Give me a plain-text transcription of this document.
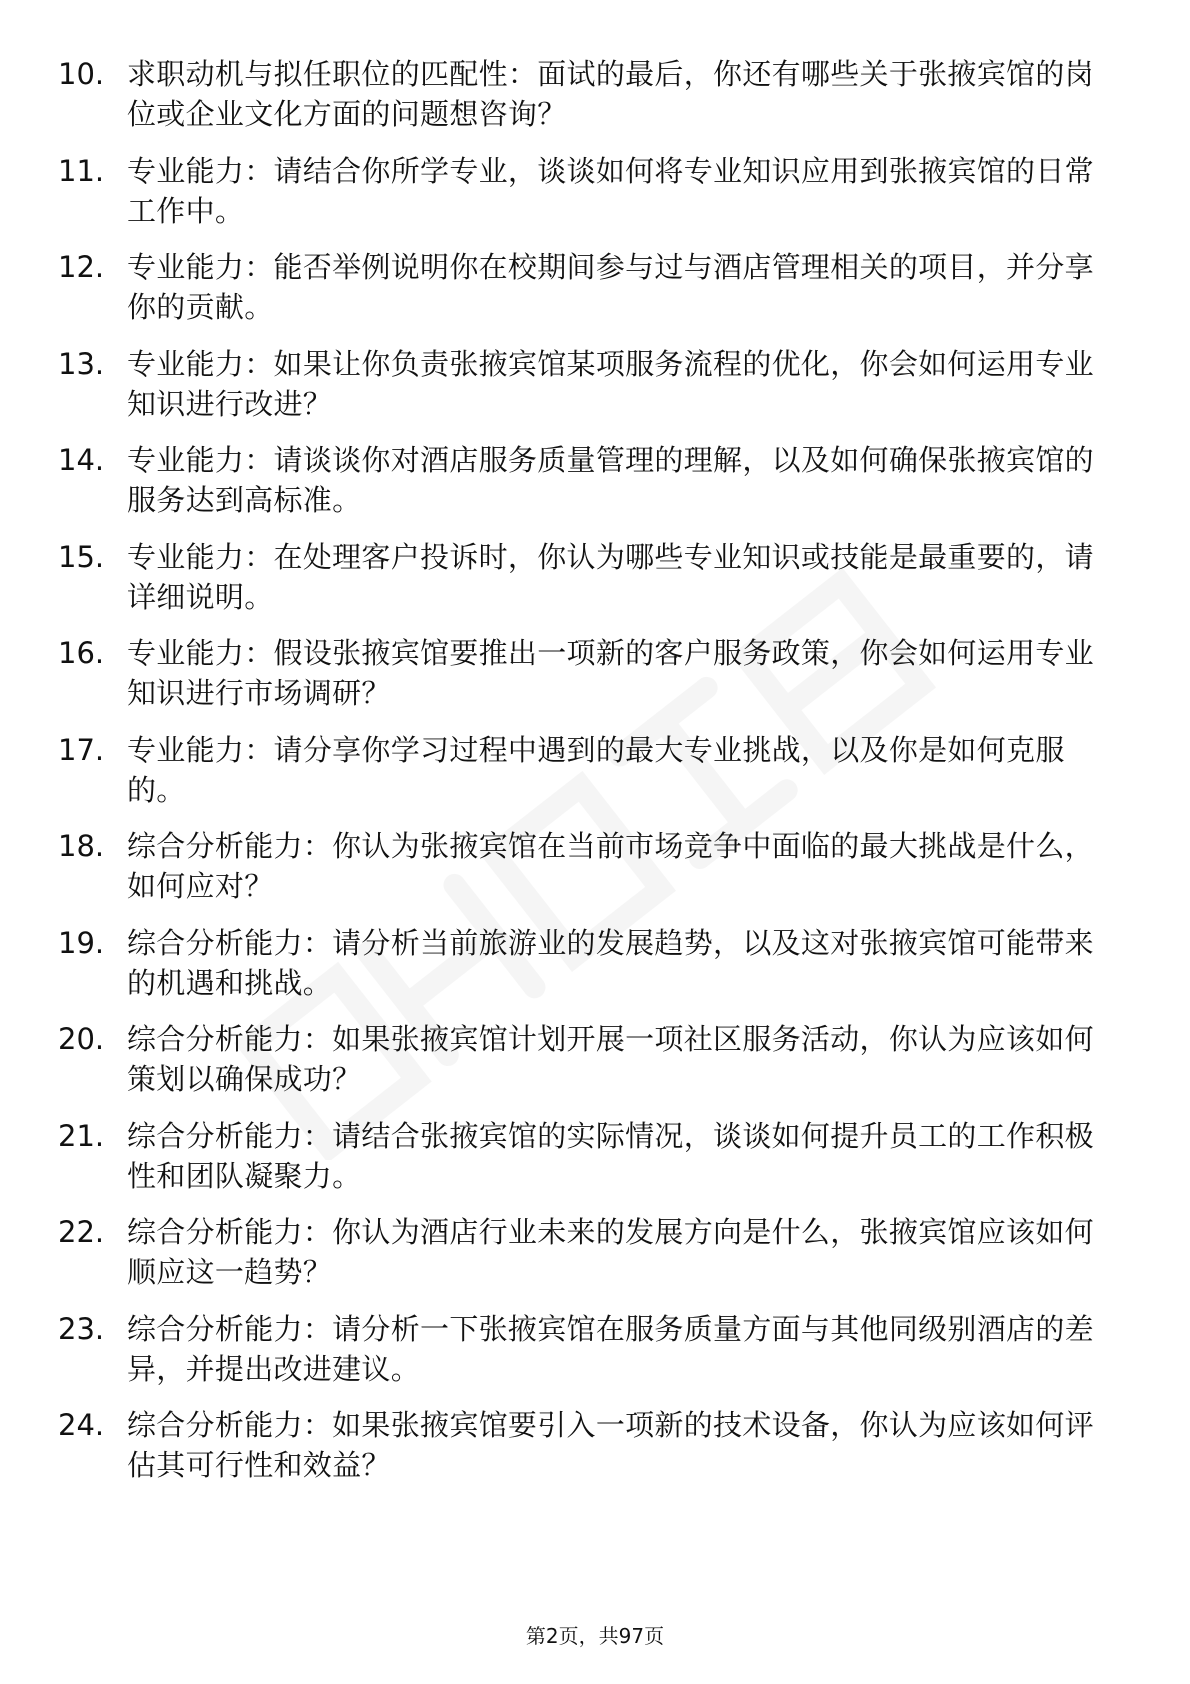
10. 求职动机与拟任职位的匹配性：面试的最后，你还有哪些关于张掖宾馆的岗位或企业文化方面的问题想咨询？
11. 专业能力：请结合你所学专业，谈谈如何将专业知识应用到张掖宾馆的日常工作中。
12. 专业能力：能否举例说明你在校期间参与过与酒店管理相关的项目，并分享你的贡献。
13. 专业能力：如果让你负责张掖宾馆某项服务流程的优化，你会如何运用专业知识进行改进？
14. 专业能力：请谈谈你对酒店服务质量管理的理解，以及如何确保张掖宾馆的服务达到高标准。
15. 专业能力：在处理客户投诉时，你认为哪些专业知识或技能是最重要的，请详细说明。
16. 专业能力：假设张掖宾馆要推出一项新的客户服务政策，你会如何运用专业知识进行市场调研？
17. 专业能力：请分享你学习过程中遇到的最大专业挑战，以及你是如何克服的。
18. 综合分析能力：你认为张掖宾馆在当前市场竞争中面临的最大挑战是什么，如何应对？
19. 综合分析能力：请分析当前旅游业的发展趋势，以及这对张掖宾馆可能带来的机遇和挑战。
20. 综合分析能力：如果张掖宾馆计划开展一项社区服务活动，你认为应该如何策划以确保成功？
21. 综合分析能力：请结合张掖宾馆的实际情况，谈谈如何提升员工的工作积极性和团队凝聚力。
22. 综合分析能力：你认为酒店行业未来的发展方向是什么，张掖宾馆应该如何顺应这一趋势？
23. 综合分析能力：请分析一下张掖宾馆在服务质量方面与其他同级别酒店的差异，并提出改进建议。
24. 综合分析能力：如果张掖宾馆要引入一项新的技术设备，你认为应该如何评估其可行性和效益？
第2页，共97页
